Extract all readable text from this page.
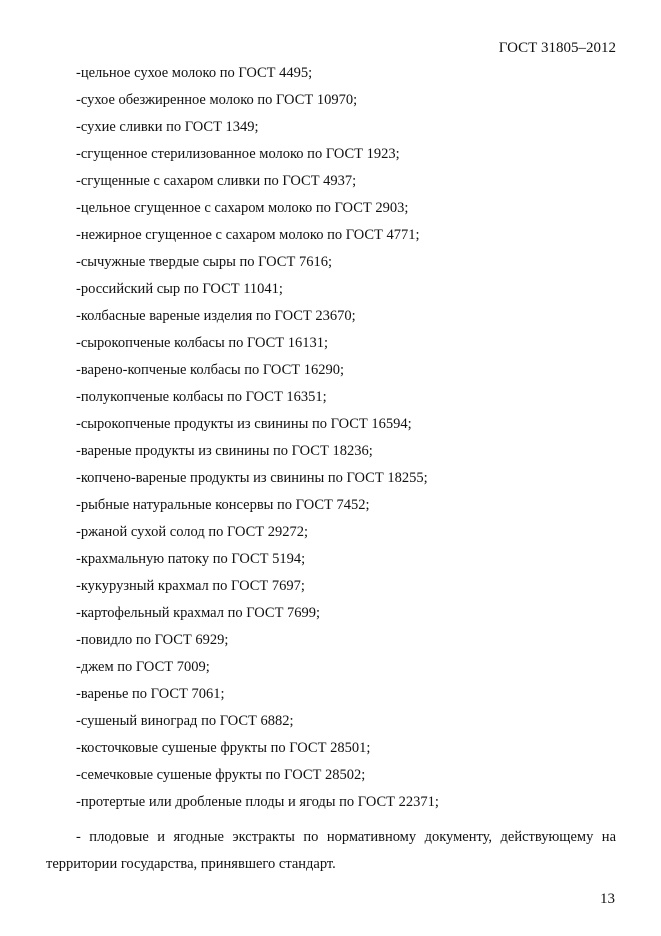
ГОСТ 31805–2012
-цельное сухое молоко по ГОСТ 4495;
-сухое обезжиренное молоко по ГОСТ 10970;
-сухие сливки по ГОСТ 1349;
-сгущенное стерилизованное молоко по ГОСТ 1923;
-сгущенные с сахаром сливки по ГОСТ 4937;
-цельное сгущенное с сахаром молоко по ГОСТ 2903;
-нежирное сгущенное с сахаром молоко по ГОСТ 4771;
-сычужные твердые сыры по ГОСТ 7616;
-российский сыр по ГОСТ 11041;
-колбасные вареные изделия по ГОСТ 23670;
-сырокопченые колбасы по ГОСТ 16131;
-варено-копченые колбасы по ГОСТ 16290;
-полукопченые колбасы по ГОСТ 16351;
-сырокопченые продукты из свинины по ГОСТ 16594;
-вареные продукты из свинины по ГОСТ 18236;
-копчено-вареные продукты из свинины по ГОСТ 18255;
-рыбные натуральные консервы по ГОСТ 7452;
-ржаной сухой солод по ГОСТ 29272;
-крахмальную патоку по ГОСТ 5194;
-кукурузный крахмал по ГОСТ 7697;
-картофельный крахмал по ГОСТ 7699;
-повидло по ГОСТ 6929;
-джем по ГОСТ 7009;
-варенье по ГОСТ 7061;
-сушеный виноград по ГОСТ 6882;
-косточковые сушеные фрукты по ГОСТ 28501;
-семечковые сушеные фрукты по ГОСТ 28502;
-протертые или дробленые плоды и ягоды по ГОСТ 22371;

- плодовые и ягодные экстракты по нормативному документу, действующему на территории государства, принявшего стандарт.

13
